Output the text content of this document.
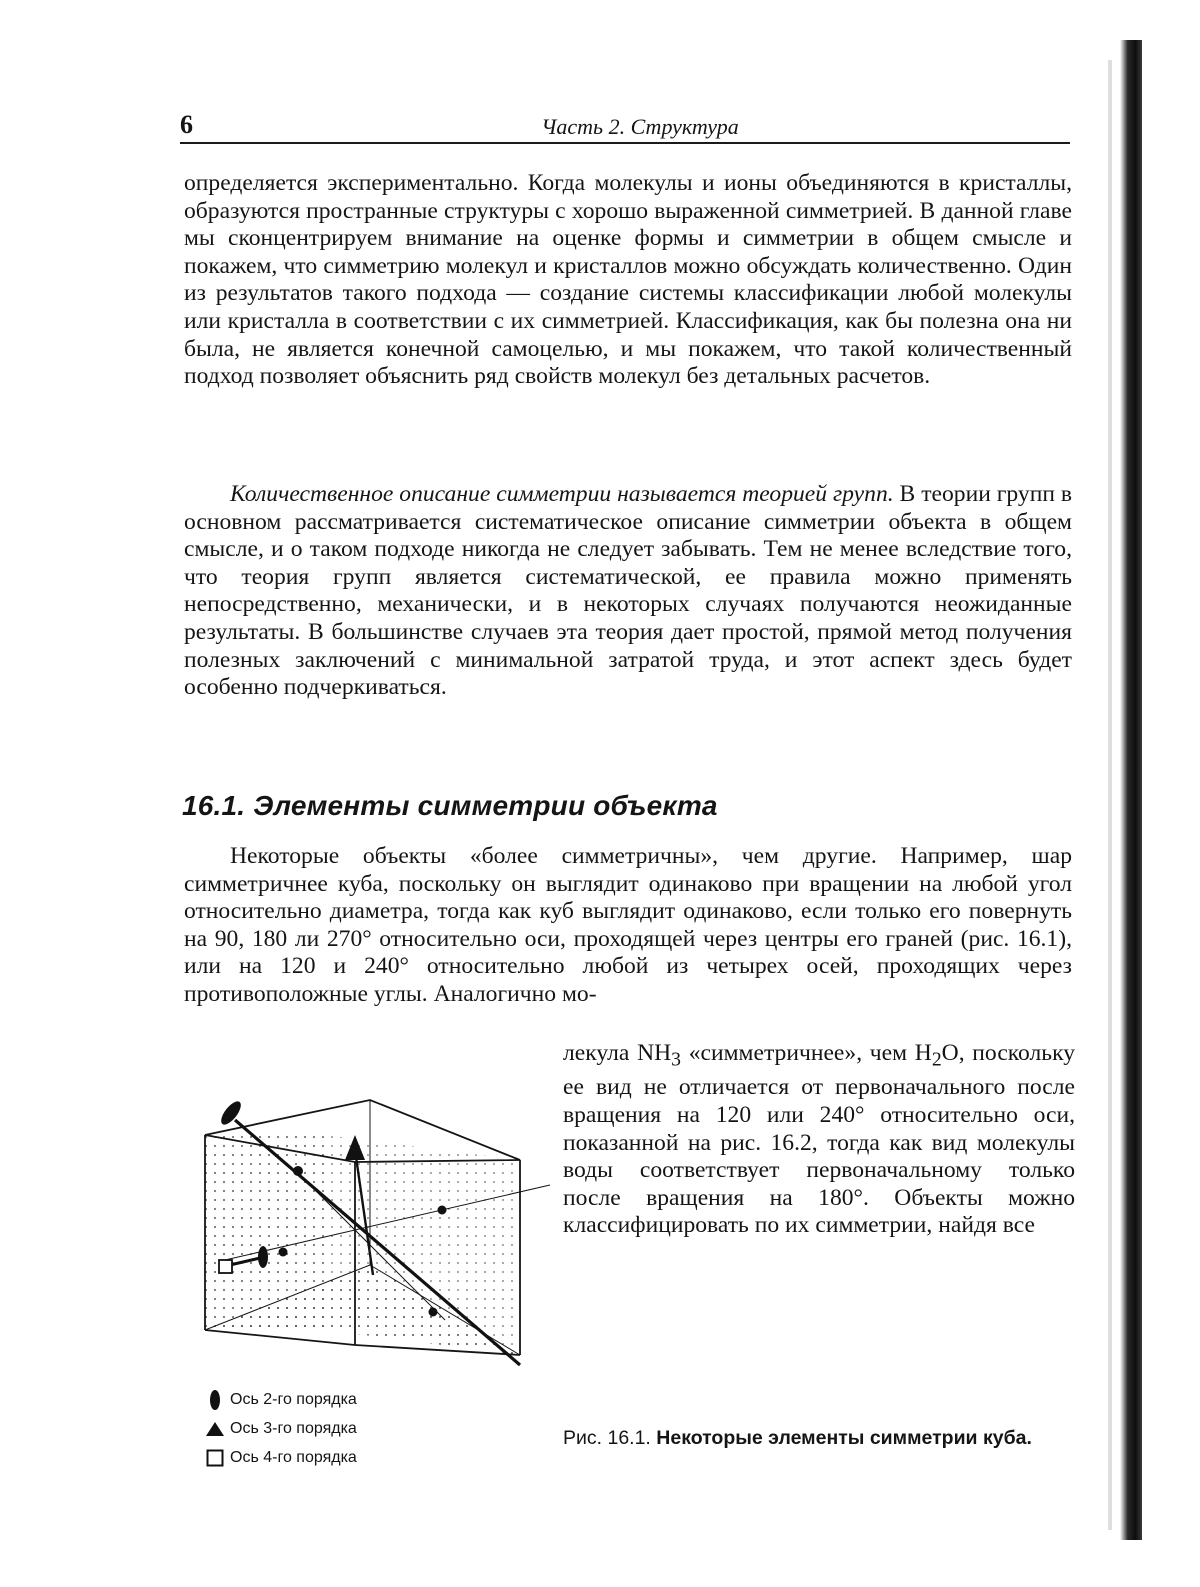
6	Часть 2. Структура
определяется экспериментально. Когда молекулы и ионы объединяются в кристаллы, образуются пространные структуры с хорошо выраженной симметрией. В данной главе мы сконцентрируем внимание на оценке формы и симметрии в общем смысле и покажем, что симметрию молекул и кристаллов можно обсуждать количественно. Один из результатов такого подхода — создание системы классификации любой молекулы или кристалла в соответствии с их симметрией. Классификация, как бы полезна она ни была, не является конечной самоцелью, и мы покажем, что такой количественный подход позволяет объяснить ряд свойств молекул без детальных расчетов.
Количественное описание симметрии называется теорией групп. В теории групп в основном рассматривается систематическое описание симметрии объекта в общем смысле, и о таком подходе никогда не следует забывать. Тем не менее вследствие того, что теория групп является систематической, ее правила можно применять непосредственно, механически, и в некоторых случаях получаются неожиданные результаты. В большинстве случаев эта теория дает простой, прямой метод получения полезных заключений с минимальной затратой труда, и этот аспект здесь будет особенно подчеркиваться.
16.1. Элементы симметрии объекта
Некоторые объекты «более симметричны», чем другие. Например, шар симметричнее куба, поскольку он выглядит одинаково при вращении на любой угол относительно диаметра, тогда как куб выглядит одинаково, если только его повернуть на 90, 180 ли 270° относительно оси, проходящей через центры его граней (рис. 16.1), или на 120 и 240° относительно любой из четырех осей, проходящих через противоположные углы. Аналогично мо-
лекула $NH_3$ «симметричнее», чем $H_2O$, поскольку ее вид не отличается от первоначального после вращения на 120 или 240° относительно оси, показанной на рис. 16.2, тогда как вид молекулы воды соответствует первоначальному только после вращения на 180°. Объекты можно классифицировать по их симметрии, найдя все
Ось 2-го порядка
Ось 3-го порядка
Ось 4-го порядка
Рис. 16.1. Некоторые элементы симметрии куба.
